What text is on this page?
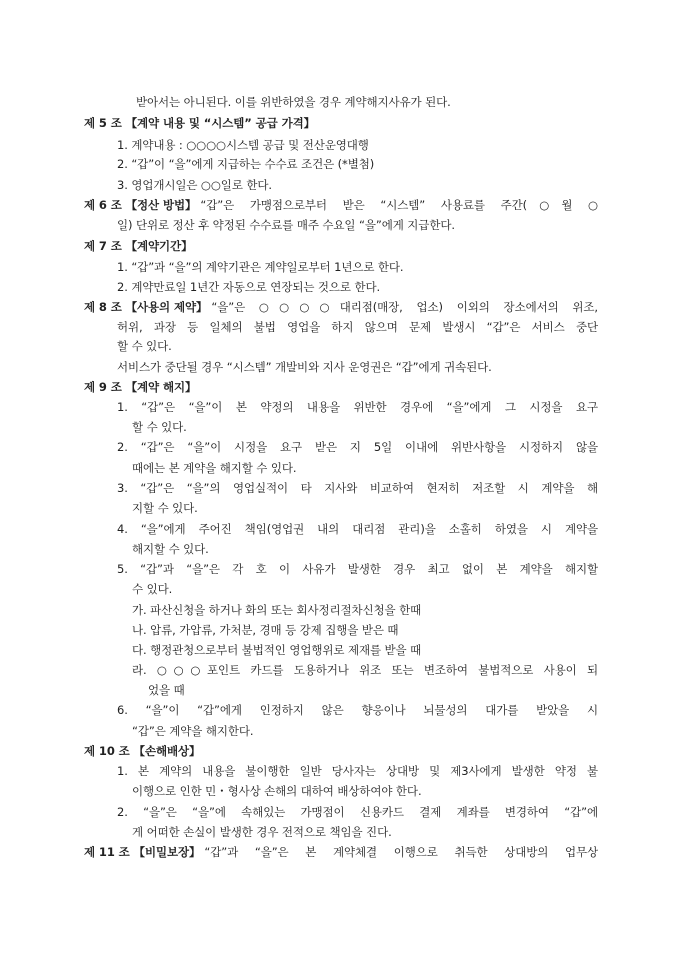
받아서는 아니된다. 이를 위반하였을 경우 계약해지사유가 된다.
제 5 조 【계약 내용 및 “시스템” 공급 가격】
1. 계약내용 : ○○○○시스템 공급 및 전산운영대행
2. “갑”이 “을”에게 지급하는 수수료 조건은 (*별첨)
3. 영업개시일은 ○○일로 한다.
제 6 조 【정산 방법】 “갑”은 가맹점으로부터 받은 “시스템” 사용료를 주간(○월 ○
일) 단위로 정산 후 약정된 수수료를 매주 수요일 “을”에게 지급한다.
제 7 조 【계약기간】
1. “갑”과 “을”의 계약기관은 계약일로부터 1년으로 한다.
2. 계약만료일 1년간 자동으로 연장되는 것으로 한다.
제 8 조 【사용의 제약】 “을”은 ○○○○대리점(매장, 업소) 이외의 장소에서의 위조,
허위, 과장 등 일체의 불법 영업을 하지 않으며 문제 발생시 “갑”은 서비스 중단
할 수 있다.
서비스가 중단될 경우 “시스템” 개발비와 지사 운영권은 “갑”에게 귀속된다.
제 9 조 【계약 해지】
1. “갑”은 “을”이 본 약정의 내용을 위반한 경우에 “을”에게 그 시정을 요구
할 수 있다.
2. “갑”은 “을”이 시정을 요구 받은 지 5일 이내에 위반사항을 시정하지 않을
때에는 본 계약을 해지할 수 있다.
3. “갑”은 “을”의 영업실적이 타 지사와 비교하여 현저히 저조할 시 계약을 해
지할 수 있다.
4. “을”에게 주어진 책임(영업권 내의 대리점 관리)을 소홀히 하였을 시 계약을
해지할 수 있다.
5. “갑”과 “을”은 각 호 이 사유가 발생한 경우 최고 없이 본 계약을 해지할
수 있다.
가. 파산신청을 하거나 화의 또는 회사정리절차신청을 한때
나. 압류, 가압류, 가처분, 경매 등 강제 집행을 받은 때
다. 행정관청으로부터 불법적인 영업행위로 제재를 받을 때
라. ○○○포인트 카드를 도용하거나 위조 또는 변조하여 불법적으로 사용이 되
었을 때
6. “을”이 “갑”에게 인정하지 않은 향응이나 뇌물성의 대가를 받았을 시
“갑”은 계약을 해지한다.
제 10 조 【손해배상】
1. 본 계약의 내용을 불이행한 일반 당사자는 상대방 및 제3사에게 발생한 약정 불
이행으로 인한 민・형사상 손해의 대하여 배상하여야 한다.
2. “을”은 “을”에 속해있는 가맹점이 신용카드 결제 계좌를 변경하여 “갑”에
게 어떠한 손실이 발생한 경우 전적으로 책임을 진다.
제 11 조 【비밀보장】 “갑”과 “을”은 본 계약체결 이행으로 취득한 상대방의 업무상
